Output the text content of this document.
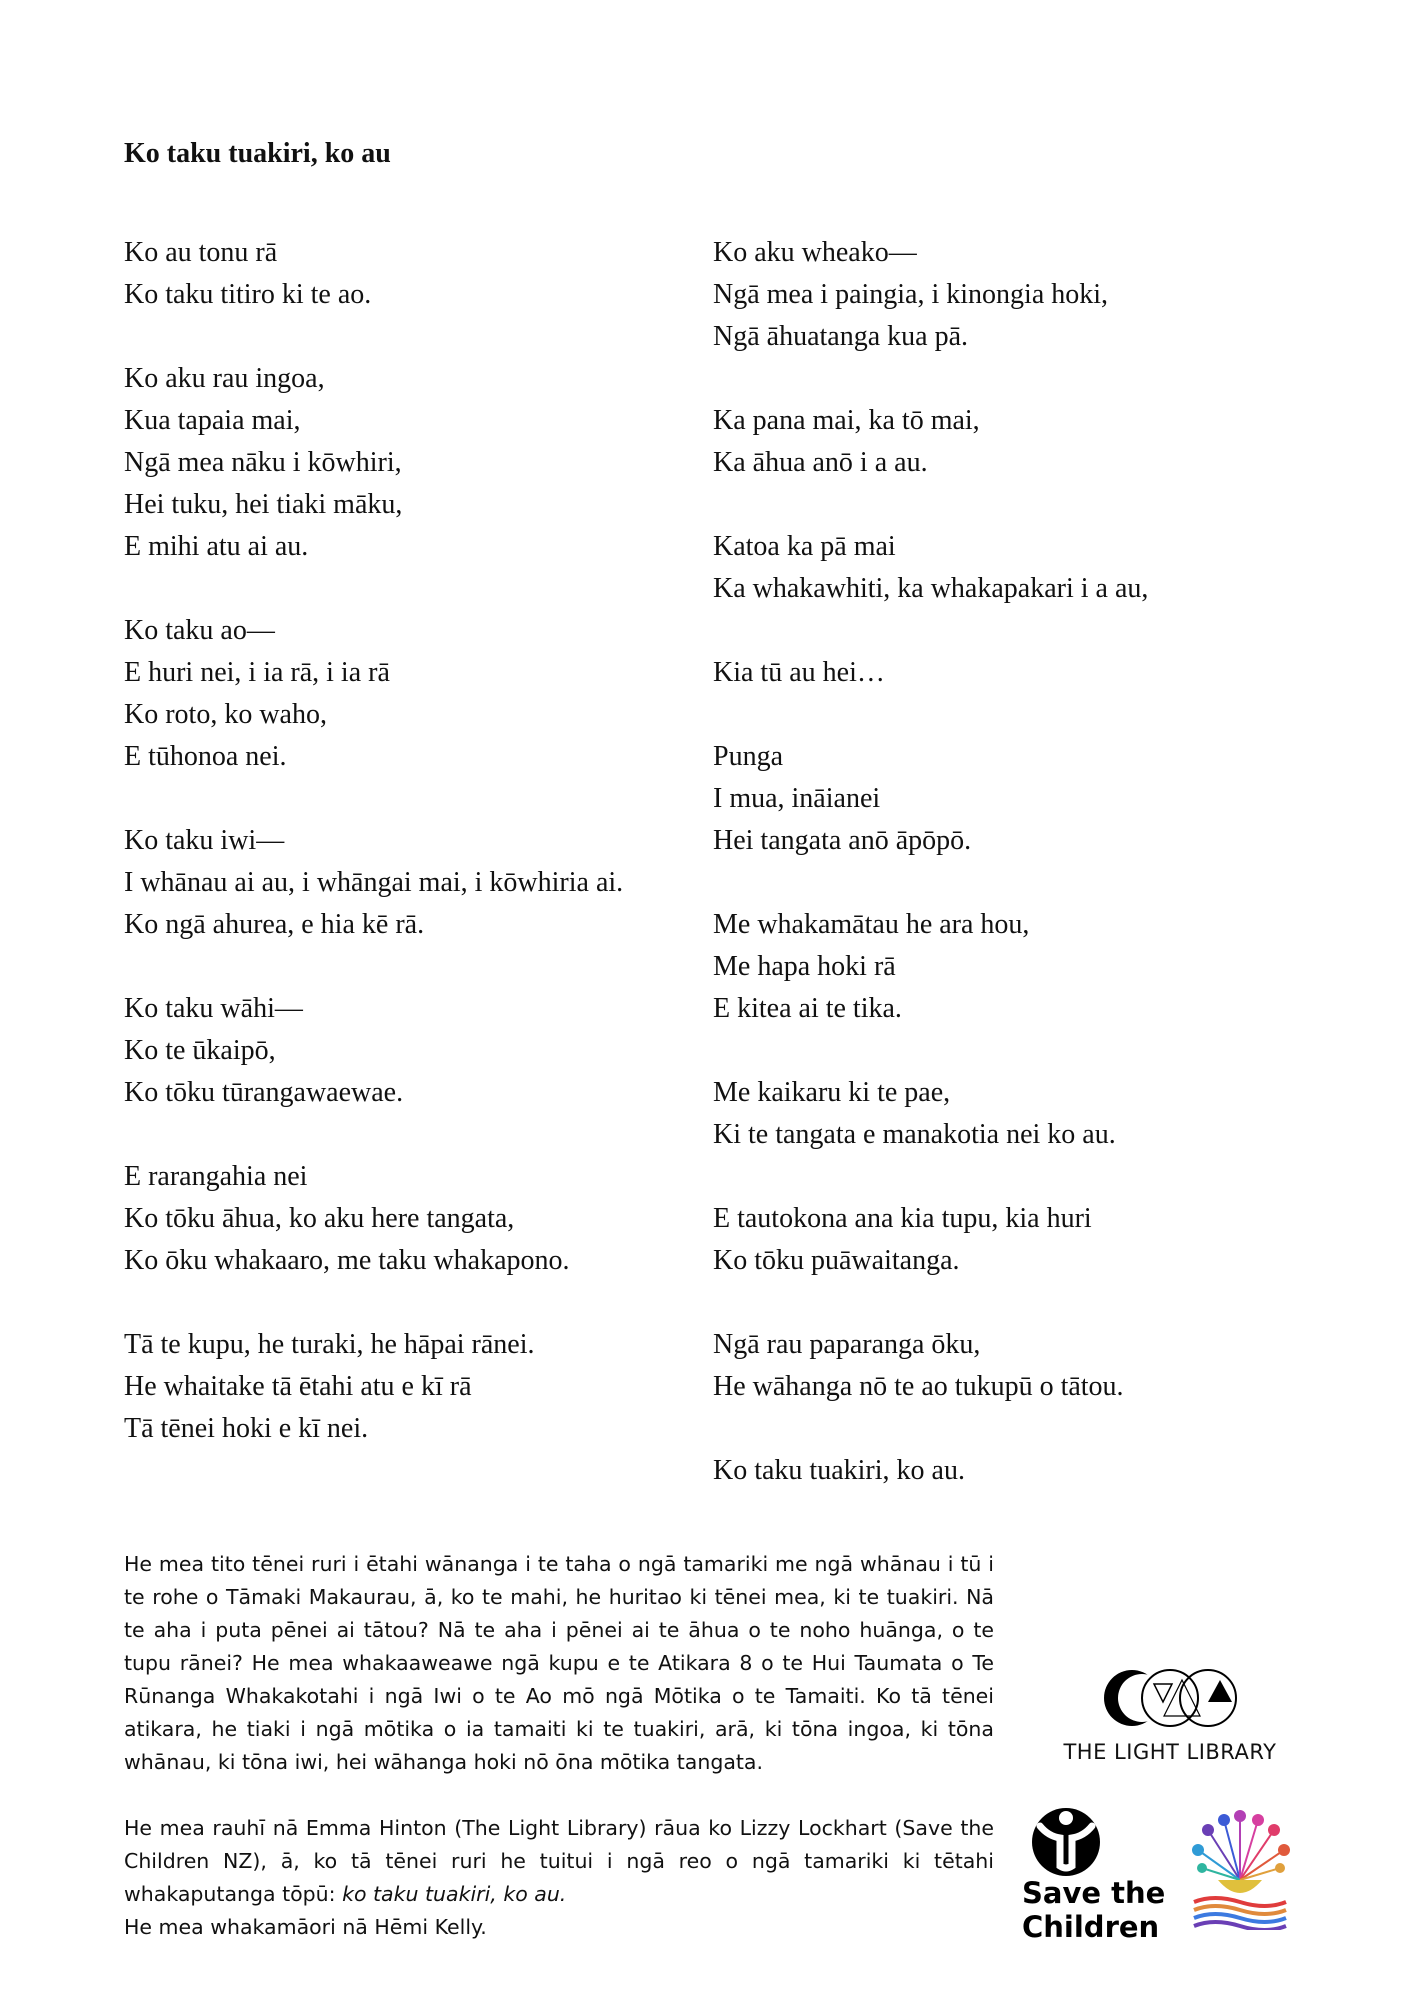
Ko taku tuakiri, ko au
Ko au tonu rā
Ko taku titiro ki te ao.
Ko aku rau ingoa,
Kua tapaia mai,
Ngā mea nāku i kōwhiri,
Hei tuku, hei tiaki māku,
E mihi atu ai au.
Ko taku ao—
E huri nei, i ia rā, i ia rā
Ko roto, ko waho,
E tūhonoa nei.
Ko taku iwi—
I whānau ai au, i whāngai mai, i kōwhiria ai.
Ko ngā ahurea, e hia kē rā.
Ko taku wāhi—
Ko te ūkaipō,
Ko tōku tūrangawaewae.
E rarangahia nei
Ko tōku āhua, ko aku here tangata,
Ko ōku whakaaro, me taku whakapono.
Tā te kupu, he turaki, he hāpai rānei.
He whaitake tā ētahi atu e kī rā
Tā tēnei hoki e kī nei.
Ko aku wheako—
Ngā mea i paingia, i kinongia hoki,
Ngā āhuatanga kua pā.
Ka pana mai, ka tō mai,
Ka āhua anō i a au.
Katoa ka pā mai
Ka whakawhiti, ka whakapakari i a au,
Kia tū au hei…
Punga
I mua, ināianei
Hei tangata anō āpōpō.
Me whakamātau he ara hou,
Me hapa hoki rā
E kitea ai te tika.
Me kaikaru ki te pae,
Ki te tangata e manakotia nei ko au.
E tautokona ana kia tupu, kia huri
Ko tōku puāwaitanga.
Ngā rau paparanga ōku,
He wāhanga nō te ao tukupū o tātou.
Ko taku tuakiri, ko au.

He mea tito tēnei ruri i ētahi wānanga i te taha o ngā tamariki me ngā whānau i tū i te rohe o Tāmaki Makaurau, ā, ko te mahi, he huritao ki tēnei mea, ki te tuakiri. Nā te aha i puta pēnei ai tātou? Nā te aha i pēnei ai te āhua o te noho huānga, o te tupu rānei? He mea whakaaweawe ngā kupu e te Atikara 8 o te Hui Taumata o Te Rūnanga Whakakotahi i ngā Iwi o te Ao mō ngā Mōtika o te Tamaiti. Ko tā tēnei atikara, he tiaki i ngā mōtika o ia tamaiti ki te tuakiri, arā, ki tōna ingoa, ki tōna whānau, ki tōna iwi, hei wāhanga hoki nō ōna mōtika tangata.

He mea rauhī nā Emma Hinton (The Light Library) rāua ko Lizzy Lockhart (Save the Children NZ), ā, ko tā tēnei ruri he tuitui i ngā reo o ngā tamariki ki tētahi whakaputanga tōpū: ko taku tuakiri, ko au.
He mea whakamāori nā Hēmi Kelly.

THE LIGHT LIBRARY
Save the
Children
